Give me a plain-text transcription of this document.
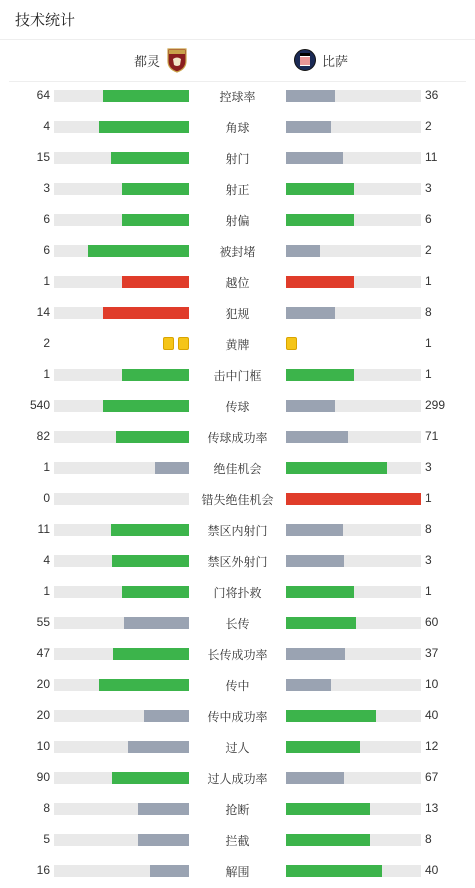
技术统计
都灵	比萨
64	控球率	36
4	角球	2
15	射门	11
3	射正	3
6	射偏	6
6	被封堵	2
1	越位	1
14	犯规	8
2	黄牌	1
1	击中门框	1
540	传球	299
82	传球成功率	71
1	绝佳机会	3
0	错失绝佳机会	1
11	禁区内射门	8
4	禁区外射门	3
1	门将扑救	1
55	长传	60
47	长传成功率	37
20	传中	10
20	传中成功率	40
10	过人	12
90	过人成功率	67
8	抢断	13
5	拦截	8
16	解围	40
